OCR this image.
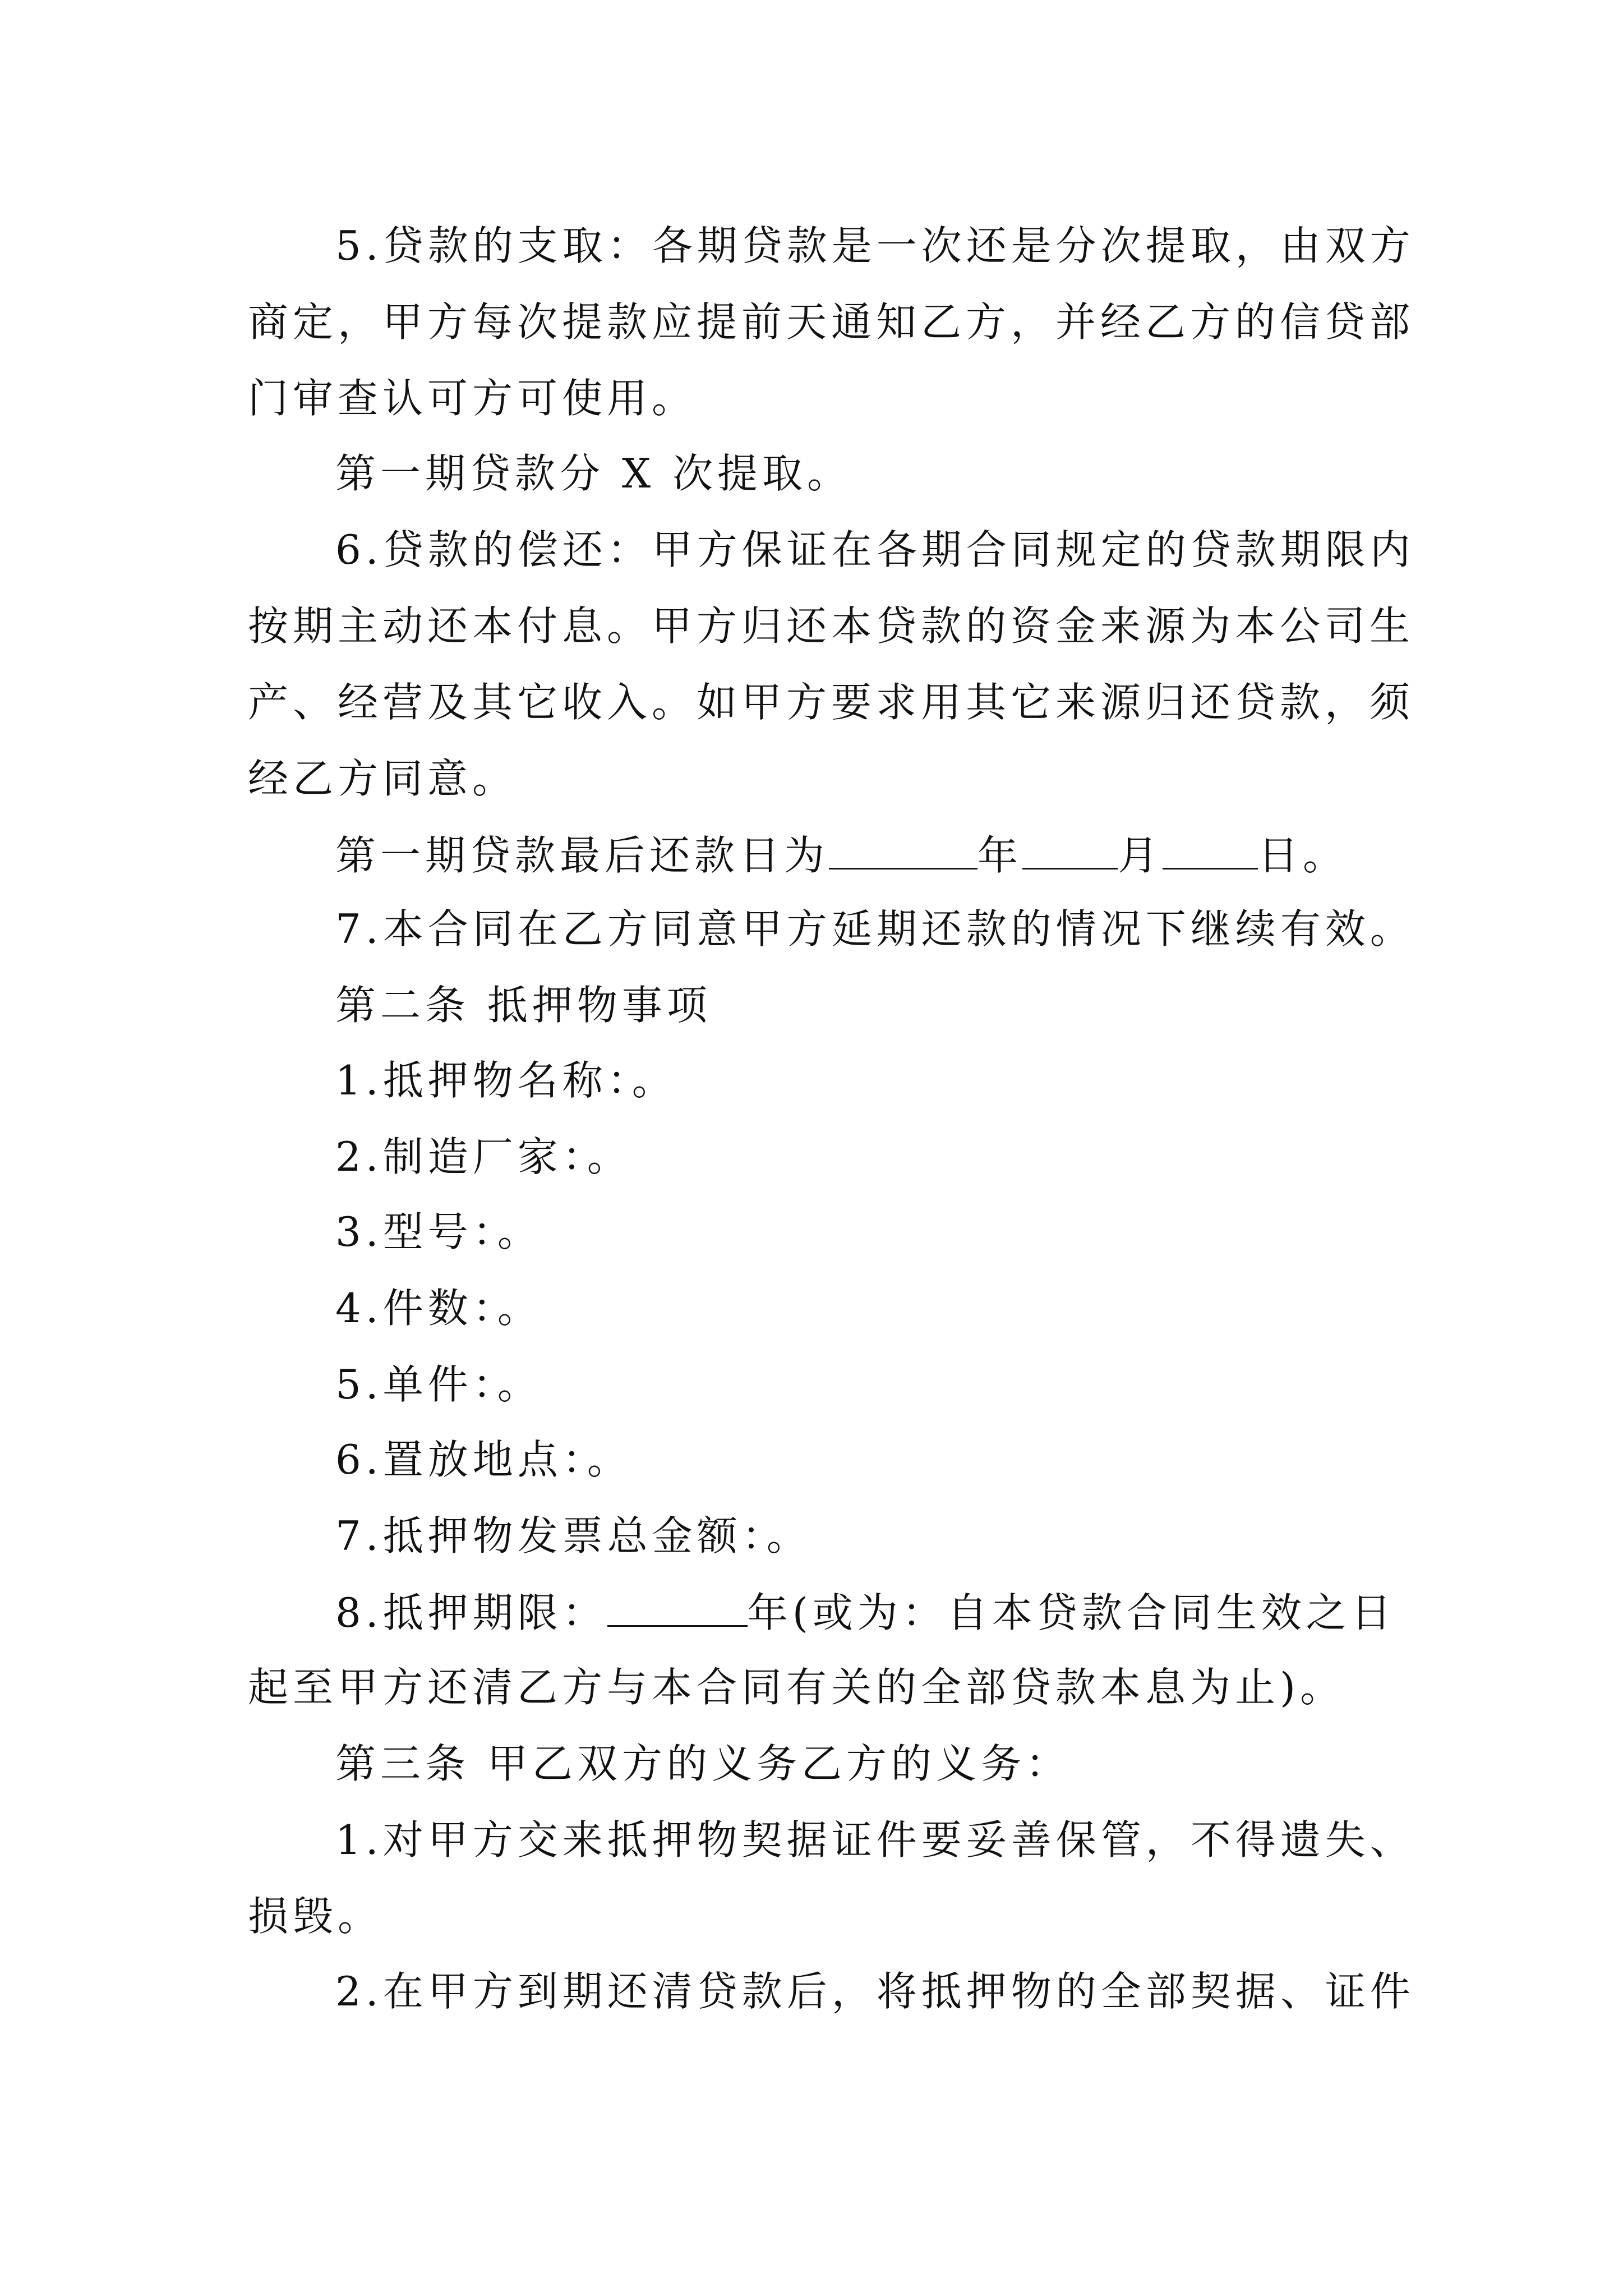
5.贷款的支取：各期贷款是一次还是分次提取，由双方
商定，甲方每次提款应提前天通知乙方，并经乙方的信贷部
门审查认可方可使用。
第一期贷款分 X 次提取。
6.贷款的偿还：甲方保证在各期合同规定的贷款期限内
按期主动还本付息。甲方归还本贷款的资金来源为本公司生
产、经营及其它收入。如甲方要求用其它来源归还贷款，须
经乙方同意。
第一期贷款最后还款日为	年 月 日。
7.本合同在乙方同意甲方延期还款的情况下继续有效。
第二条 抵押物事项
1.抵押物名称：。
2.制造厂家：。
3.型号：。
4.件数：。
5.单件：。
6.置放地点：。
7.抵押物发票总金额：。
8.抵押期限：	年(或为：自本贷款合同生效之日
起至甲方还清乙方与本合同有关的全部贷款本息为止)。
第三条 甲乙双方的义务乙方的义务：
1.对甲方交来抵押物契据证件要妥善保管，不得遗失、
损毁。
2.在甲方到期还清贷款后，将抵押物的全部契据、证件
